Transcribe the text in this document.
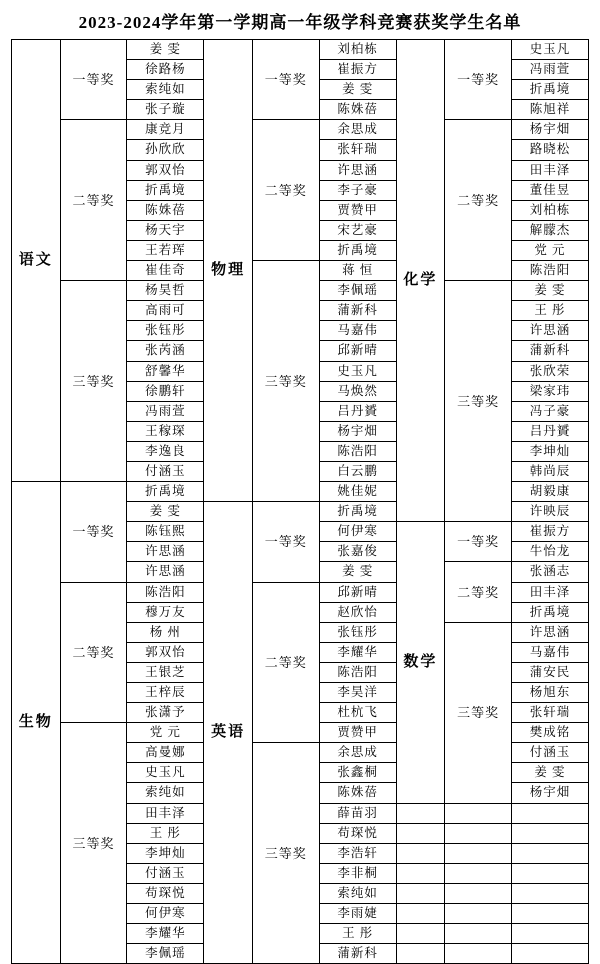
2023-2024学年第一学期高一年级学科竞赛获奖学生名单
语文	一等奖	姜 雯	物理	一等奖	刘柏栋	化学	一等奖	史玉凡
		徐路杨			崔振方			冯雨萱
		索纯如			姜 雯			折禹境
		张子璇			陈姝蓓			陈旭祥
	二等奖	康竞月		二等奖	余思成		二等奖	杨宇畑
		孙欣欣			张轩瑞			路晓松
		郭双怡			许思涵			田丰泽
		折禹境			李子豪			董佳昱
		陈姝蓓			贾赞甲			刘柏栋
		杨天宇			宋艺豪			解朦杰
		王若珲			折禹境			党 元
		崔佳奇		三等奖	蒋 恒			陈浩阳
	三等奖	杨昊哲			李佩瑶		三等奖	姜 雯
		高雨可			蒲新科			王 彤
		张钰彤			马嘉伟			许思涵
		张芮涵			邱新晴			蒲新科
		舒馨华			史玉凡			张欣荣
		徐鹏轩			马焕然			梁家玮
		冯雨萱			吕丹贇			冯子豪
		王稼琛			杨宇畑			吕丹贇
		李逸良			陈浩阳			李坤灿
		付涵玉			白云鹏			韩尚辰
生物	一等奖	折禹境			姚佳妮			胡毅康
		姜 雯	英语	一等奖	折禹境			许映辰
		陈钰熙			何伊寒	数学	一等奖	崔振方
		许思涵			张嘉俊			牛怡龙
		许思涵			姜 雯		二等奖	张涵志
	二等奖	陈浩阳		二等奖	邱新晴			田丰泽
		穆万友			赵欣怡			折禹境
		杨 州			张钰彤		三等奖	许思涵
		郭双怡			李耀华			马嘉伟
		王银芝			陈浩阳			蒲安民
		王梓辰			李昊洋			杨旭东
		张潇予			杜杭飞			张轩瑞
	三等奖	党 元			贾赞甲			樊成铭
		高曼娜		三等奖	余思成			付涵玉
		史玉凡			张鑫桐			姜 雯
		索纯如			陈姝蓓			杨宇畑
		田丰泽			薛苗羽			
		王 彤			苟琛悦			
		李坤灿			李浩轩			
		付涵玉			李非桐			
		苟琛悦			索纯如			
		何伊寒			李雨婕			
		李耀华			王 彤			
		李佩瑶			蒲新科			
